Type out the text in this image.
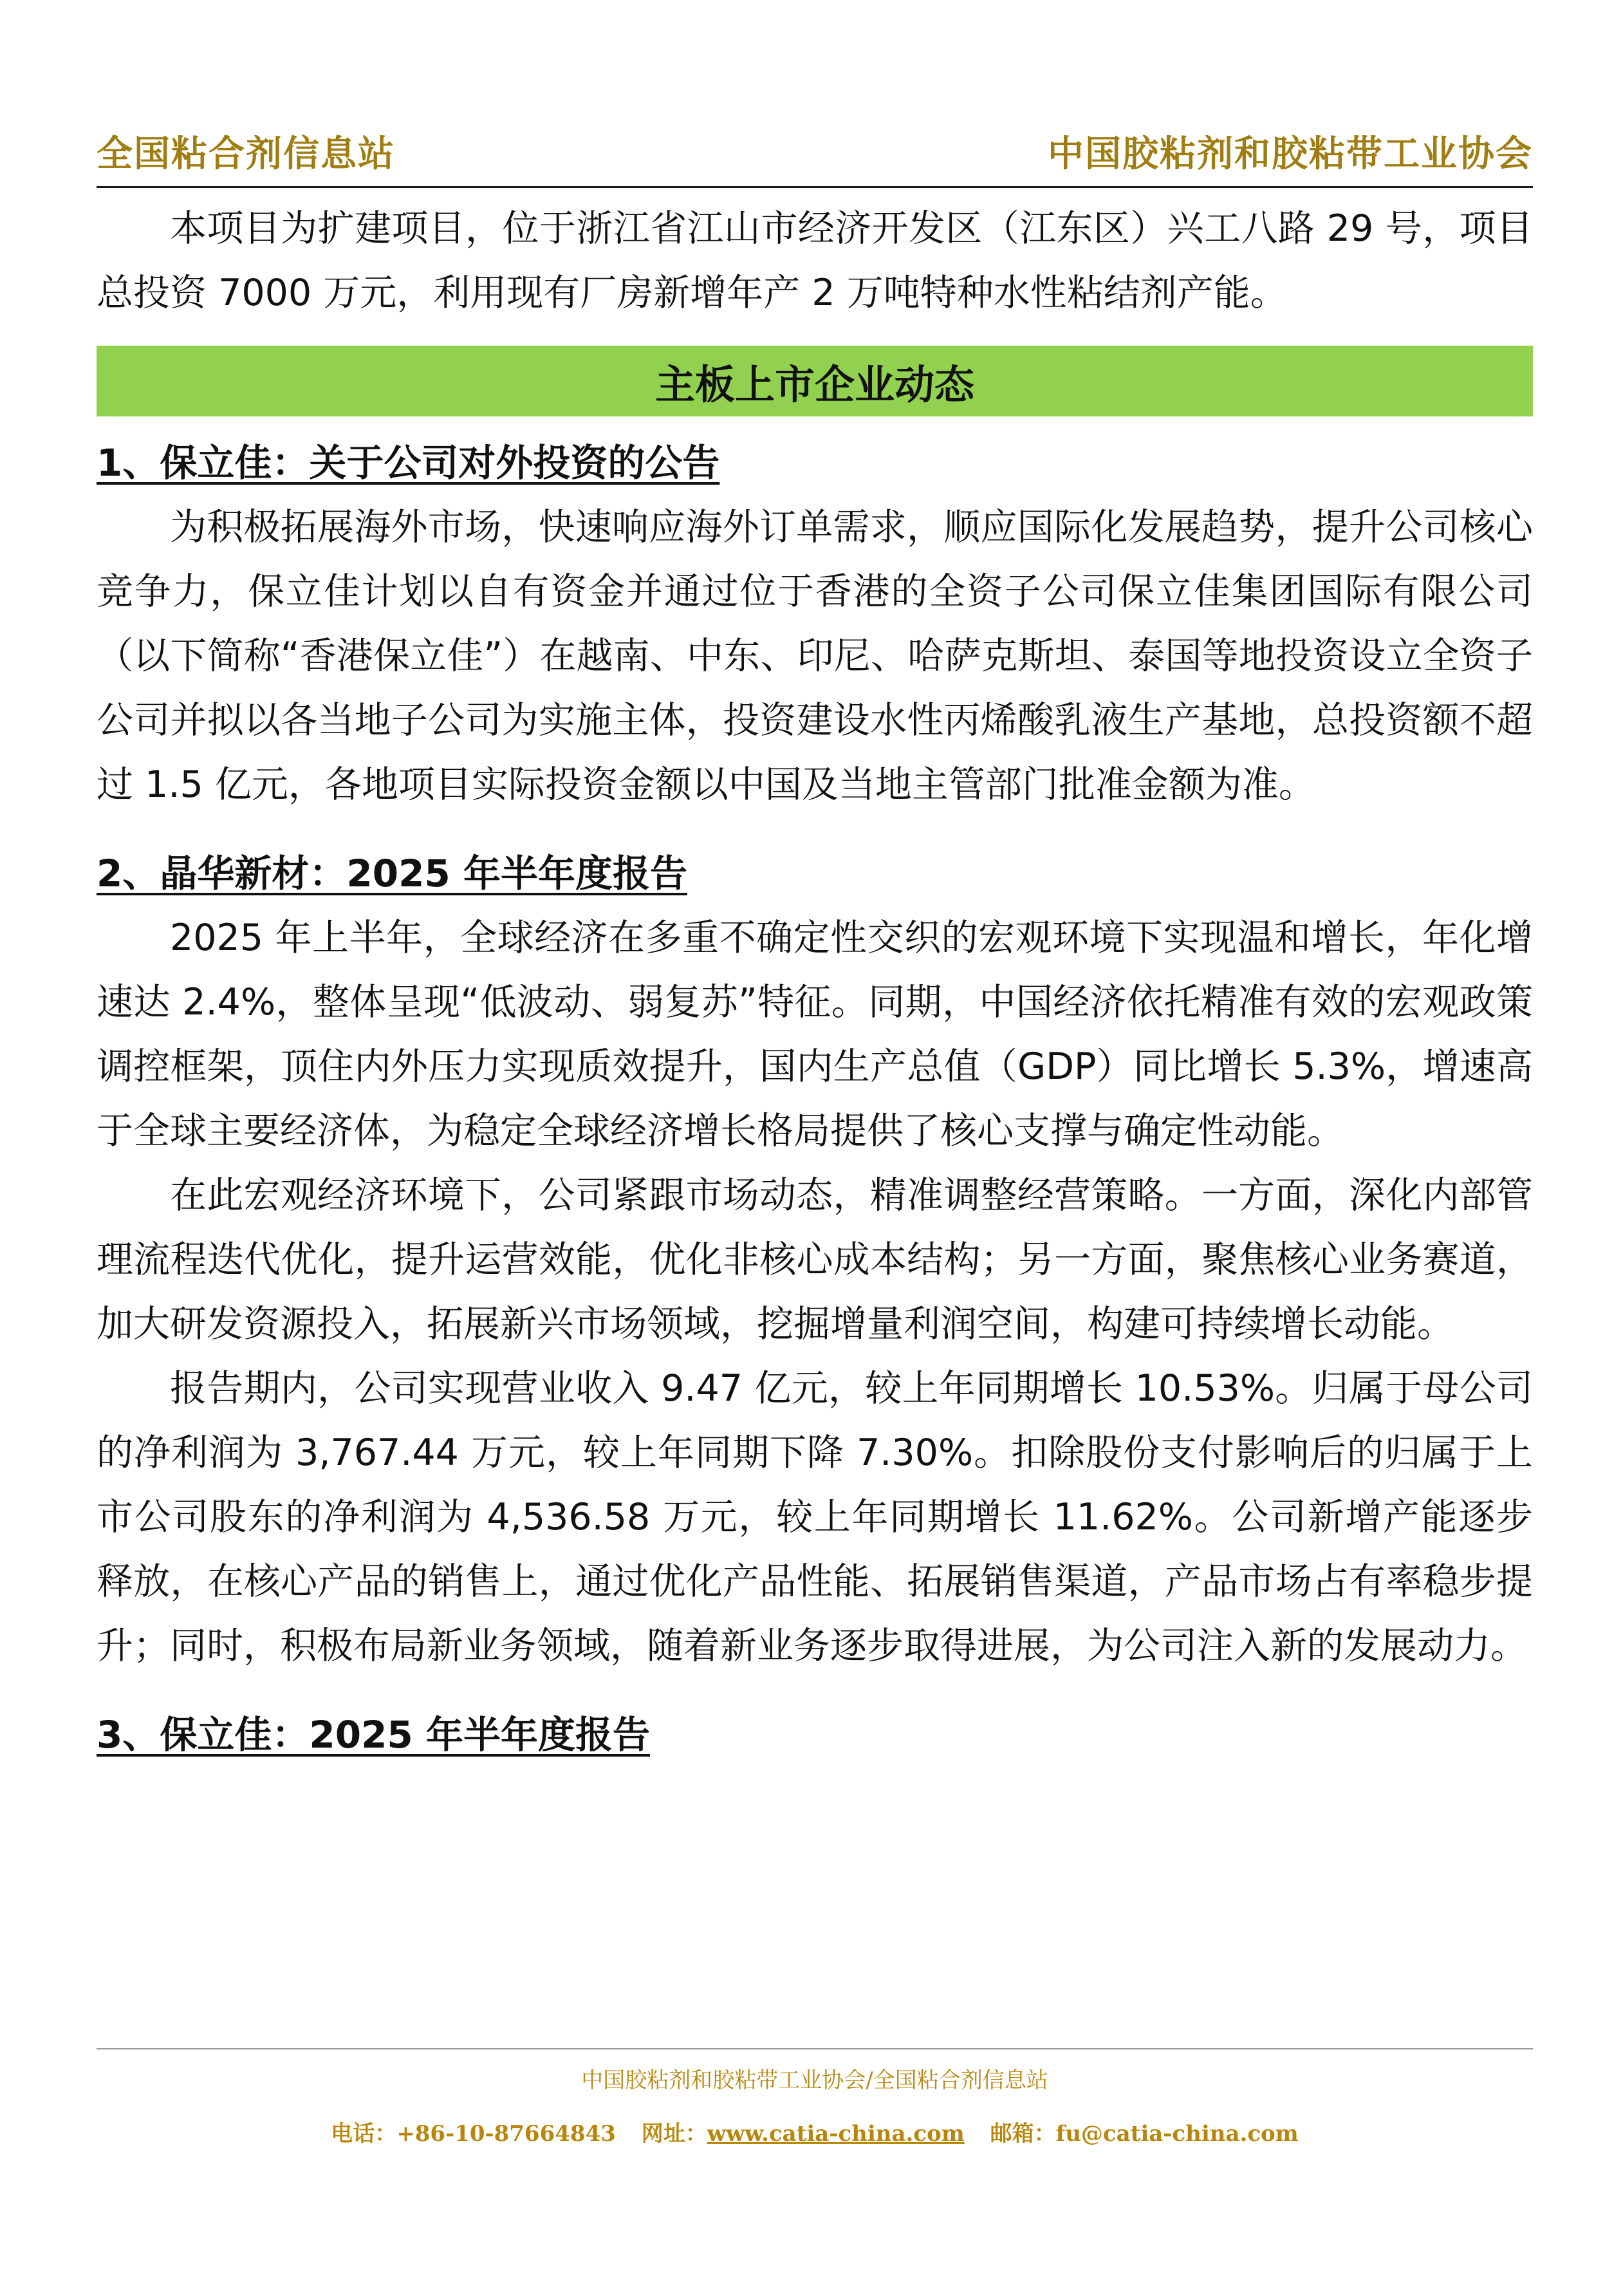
全国粘合剂信息站	中国胶粘剂和胶粘带工业协会

本项目为扩建项目，位于浙江省江山市经济开发区（江东区）兴工八路 29 号，项目总投资 7000 万元，利用现有厂房新增年产 2 万吨特种水性粘结剂产能。

主板上市企业动态

1、保立佳：关于公司对外投资的公告

为积极拓展海外市场，快速响应海外订单需求，顺应国际化发展趋势，提升公司核心竞争力，保立佳计划以自有资金并通过位于香港的全资子公司保立佳集团国际有限公司（以下简称“香港保立佳”）在越南、中东、印尼、哈萨克斯坦、泰国等地投资设立全资子公司并拟以各当地子公司为实施主体，投资建设水性丙烯酸乳液生产基地，总投资额不超过 1.5 亿元，各地项目实际投资金额以中国及当地主管部门批准金额为准。

2、晶华新材：2025 年半年度报告

2025 年上半年，全球经济在多重不确定性交织的宏观环境下实现温和增长，年化增速达 2.4%，整体呈现“低波动、弱复苏”特征。同期，中国经济依托精准有效的宏观政策调控框架，顶住内外压力实现质效提升，国内生产总值（GDP）同比增长 5.3%，增速高于全球主要经济体，为稳定全球经济增长格局提供了核心支撑与确定性动能。

在此宏观经济环境下，公司紧跟市场动态，精准调整经营策略。一方面，深化内部管理流程迭代优化，提升运营效能，优化非核心成本结构；另一方面，聚焦核心业务赛道，加大研发资源投入，拓展新兴市场领域，挖掘增量利润空间，构建可持续增长动能。

报告期内，公司实现营业收入 9.47 亿元，较上年同期增长 10.53%。归属于母公司的净利润为 3,767.44 万元，较上年同期下降 7.30%。扣除股份支付影响后的归属于上市公司股东的净利润为 4,536.58 万元，较上年同期增长 11.62%。公司新增产能逐步释放，在核心产品的销售上，通过优化产品性能、拓展销售渠道，产品市场占有率稳步提升；同时，积极布局新业务领域，随着新业务逐步取得进展，为公司注入新的发展动力。

3、保立佳：2025 年半年度报告

中国胶粘剂和胶粘带工业协会/全国粘合剂信息站
电话：+86-10-87664843 网址：www.catia-china.com 邮箱：fu@catia-china.com
